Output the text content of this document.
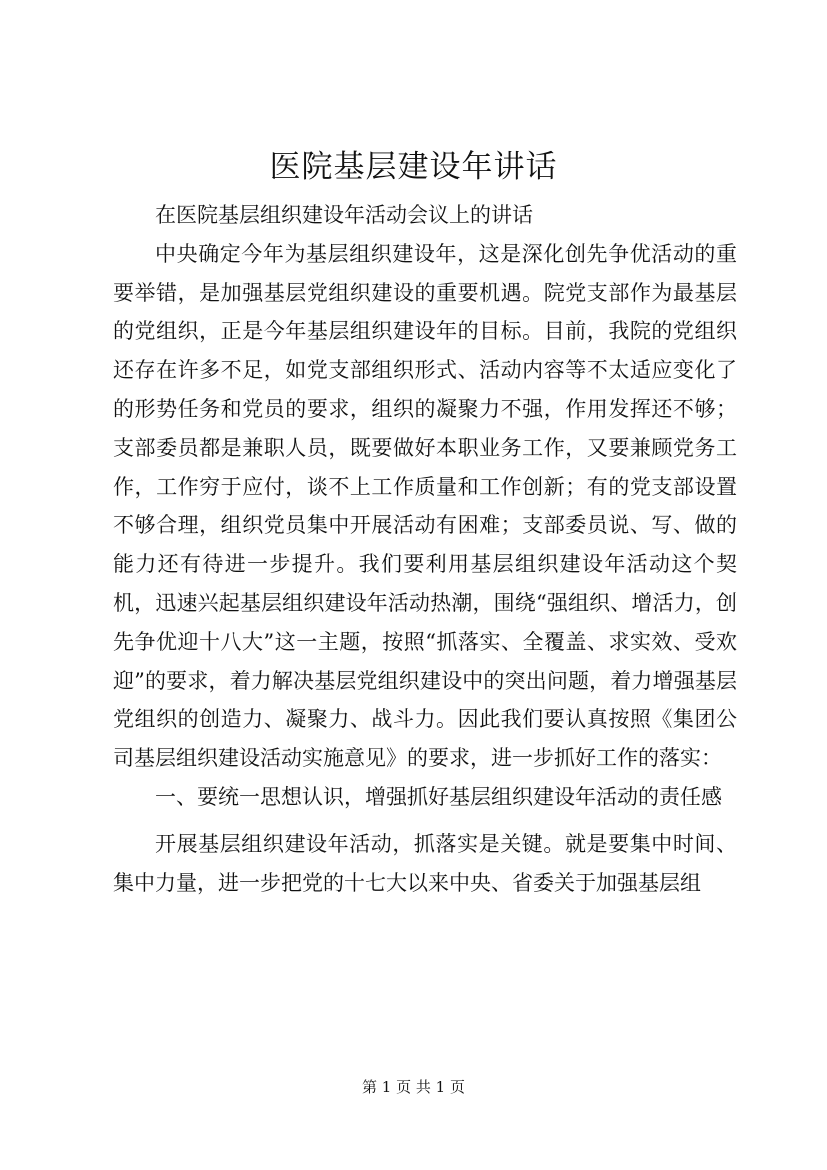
医院基层建设年讲话

在医院基层组织建设年活动会议上的讲话

中央确定今年为基层组织建设年，这是深化创先争优活动的重要举错，是加强基层党组织建设的重要机遇。院党支部作为最基层的党组织，正是今年基层组织建设年的目标。目前，我院的党组织还存在许多不足，如党支部组织形式、活动内容等不太适应变化了的形势任务和党员的要求，组织的凝聚力不强，作用发挥还不够；支部委员都是兼职人员，既要做好本职业务工作，又要兼顾党务工作，工作穷于应付，谈不上工作质量和工作创新；有的党支部设置不够合理，组织党员集中开展活动有困难；支部委员说、写、做的能力还有待进一步提升。我们要利用基层组织建设年活动这个契机，迅速兴起基层组织建设年活动热潮，围绕“强组织、增活力，创先争优迎十八大”这一主题，按照“抓落实、全覆盖、求实效、受欢迎”的要求，着力解决基层党组织建设中的突出问题，着力增强基层党组织的创造力、凝聚力、战斗力。因此我们要认真按照《集团公司基层组织建设活动实施意见》的要求，进一步抓好工作的落实：

一、要统一思想认识，增强抓好基层组织建设年活动的责任感

开展基层组织建设年活动，抓落实是关键。就是要集中时间、集中力量，进一步把党的十七大以来中央、省委关于加强基层组

第 1 页 共 1 页
